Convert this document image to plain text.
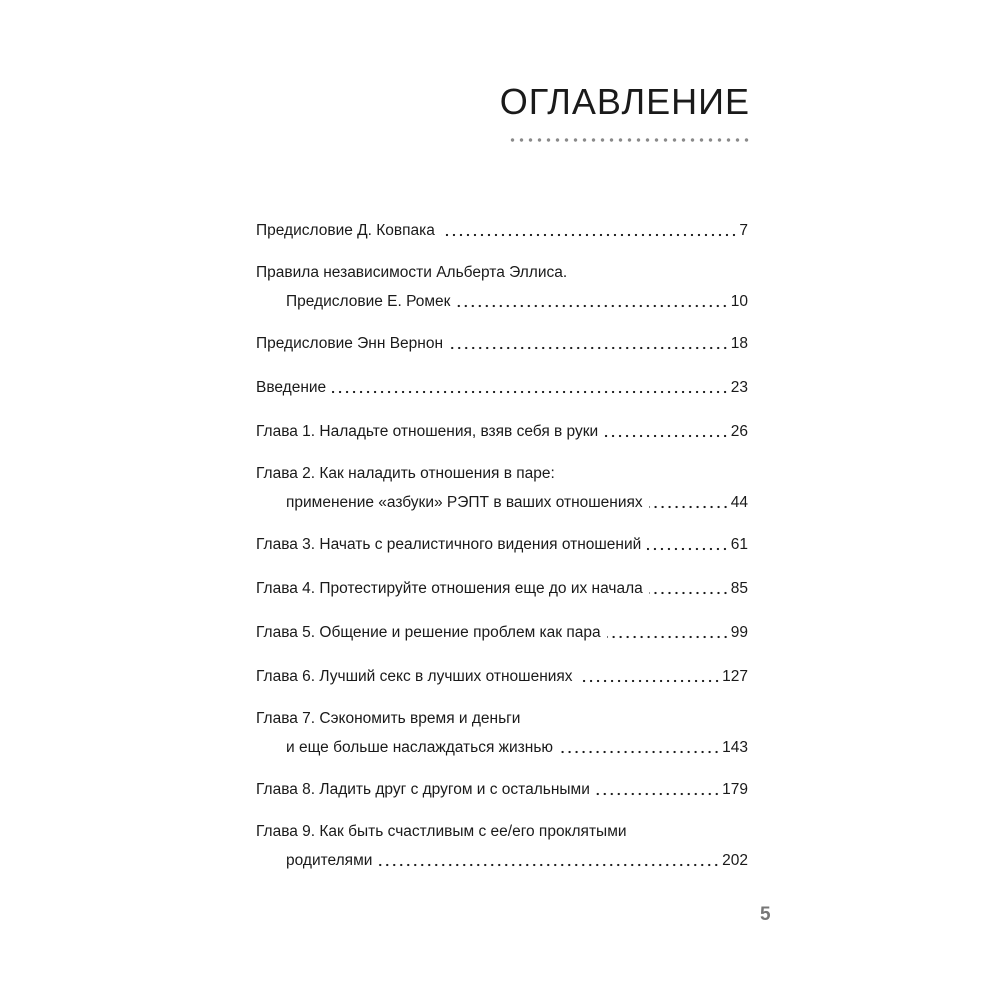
ОГЛАВЛЕНИЕ
Предисловие Д. Ковпака	7
Правила независимости Альберта Эллиса.
Предисловие Е. Ромек	10
Предисловие Энн Вернон	18
Введение	23
Глава 1. Наладьте отношения, взяв себя в руки	26
Глава 2. Как наладить отношения в паре:
применение «азбуки» РЭПТ в ваших отношениях	44
Глава 3. Начать с реалистичного видения отношений	61
Глава 4. Протестируйте отношения еще до их начала	85
Глава 5. Общение и решение проблем как пара	99
Глава 6. Лучший секс в лучших отношениях	127
Глава 7. Сэкономить время и деньги
и еще больше наслаждаться жизнью	143
Глава 8. Ладить друг с другом и с остальными	179
Глава 9. Как быть счастливым с ее/его проклятыми
родителями	202
5
